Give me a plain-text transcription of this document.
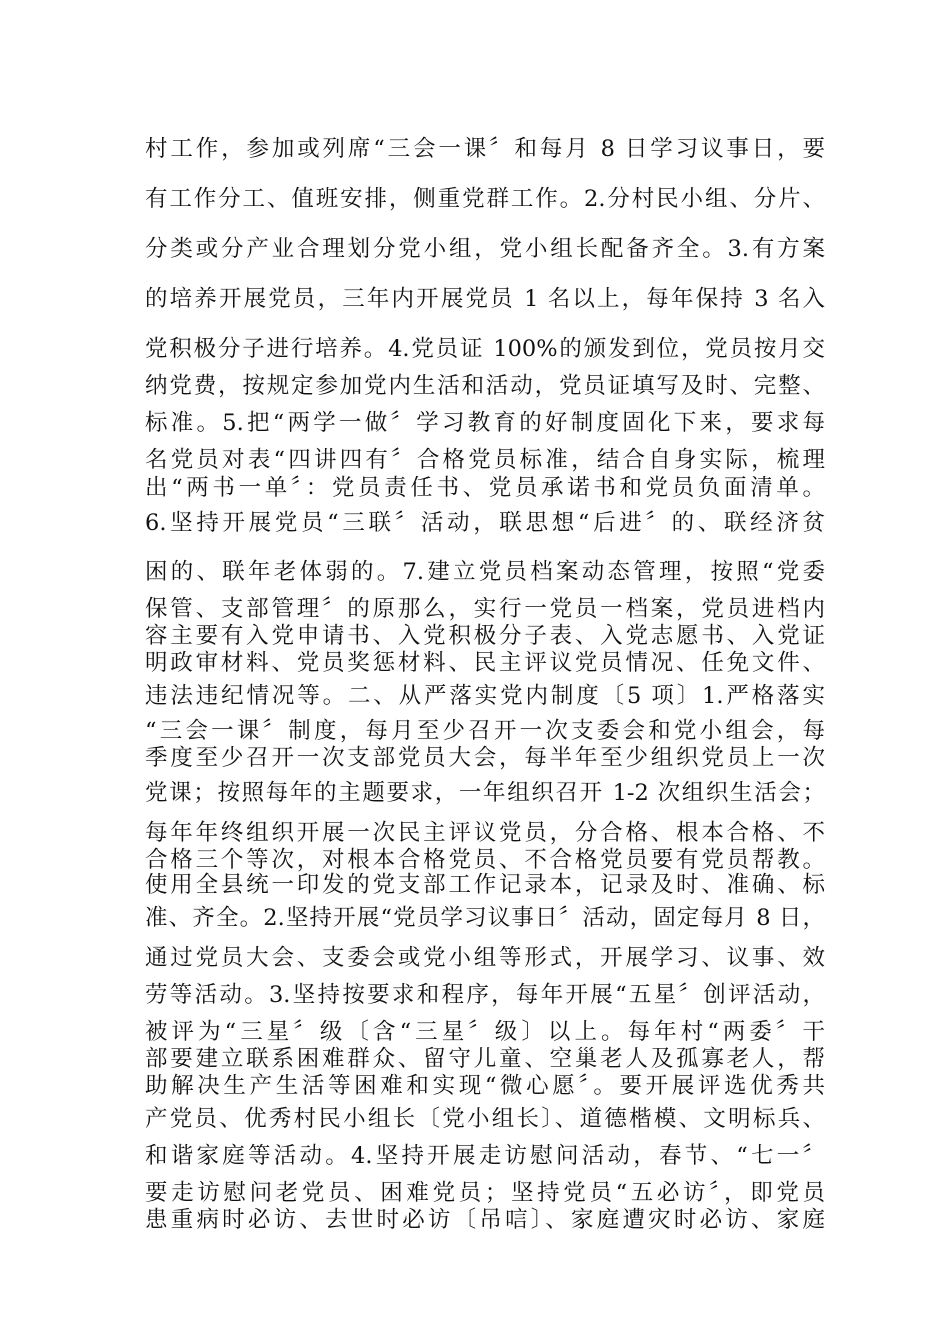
村工作，参加或列席“三会一课〞和每月 8 日学习议事日，要
有工作分工、值班安排，侧重党群工作。2.分村民小组、分片、
分类或分产业合理划分党小组，党小组长配备齐全。3.有方案
的培养开展党员，三年内开展党员 1 名以上，每年保持 3 名入
党积极分子进行培养。4.党员证 100%的颁发到位，党员按月交
纳党费，按规定参加党内生活和活动，党员证填写及时、完整、
标准。5.把“两学一做〞学习教育的好制度固化下来，要求每
名党员对表“四讲四有〞合格党员标准，结合自身实际，梳理
出“两书一单〞：党员责任书、党员承诺书和党员负面清单。
6.坚持开展党员“三联〞活动，联思想“后进〞的、联经济贫
困的、联年老体弱的。7.建立党员档案动态管理，按照“党委
保管、支部管理〞的原那么，实行一党员一档案，党员进档内
容主要有入党申请书、入党积极分子表、入党志愿书、入党证
明政审材料、党员奖惩材料、民主评议党员情况、任免文件、
违法违纪情况等。二、从严落实党内制度〔5 项〕1.严格落实
“三会一课〞制度，每月至少召开一次支委会和党小组会，每
季度至少召开一次支部党员大会，每半年至少组织党员上一次
党课；按照每年的主题要求，一年组织召开 1-2 次组织生活会；
每年年终组织开展一次民主评议党员，分合格、根本合格、不
合格三个等次，对根本合格党员、不合格党员要有党员帮教。
使用全县统一印发的党支部工作记录本，记录及时、准确、标
准、齐全。2.坚持开展“党员学习议事日〞活动，固定每月 8 日，
通过党员大会、支委会或党小组等形式，开展学习、议事、效
劳等活动。3.坚持按要求和程序，每年开展“五星〞创评活动，
被评为“三星〞级〔含“三星〞级〕以上。每年村“两委〞干
部要建立联系困难群众、留守儿童、空巢老人及孤寡老人，帮
助解决生产生活等困难和实现“微心愿〞。要开展评选优秀共
产党员、优秀村民小组长〔党小组长〕、道德楷模、文明标兵、
和谐家庭等活动。4.坚持开展走访慰问活动，春节、“七一〞
要走访慰问老党员、困难党员；坚持党员“五必访〞，即党员
患重病时必访、去世时必访〔吊唁〕、家庭遭灾时必访、家庭
